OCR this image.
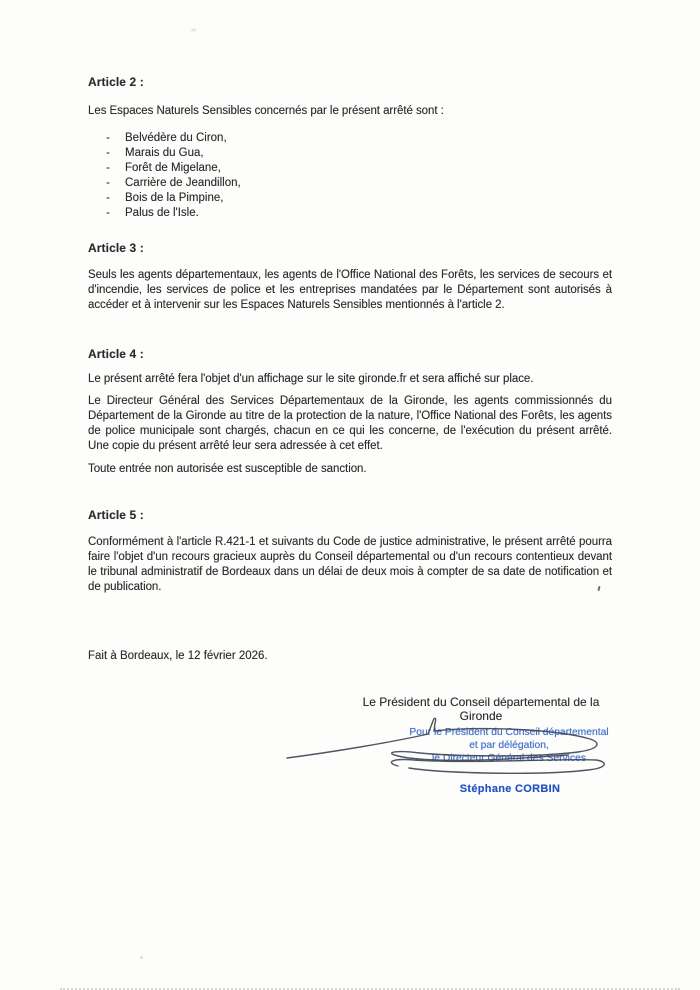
Article 2 :

Les Espaces Naturels Sensibles concernés par le présent arrêté sont :

- Belvédère du Ciron,
- Marais du Gua,
- Forêt de Migelane,
- Carrière de Jeandillon,
- Bois de la Pimpine,
- Palus de l'Isle.
Article 3 :

Seuls les agents départementaux, les agents de l'Office National des Forêts, les services de secours et d'incendie, les services de police et les entreprises mandatées par le Département sont autorisés à accéder et à intervenir sur les Espaces Naturels Sensibles mentionnés à l'article 2.

Article 4 :

Le présent arrêté fera l'objet d'un affichage sur le site gironde.fr et sera affiché sur place.

Le Directeur Général des Services Départementaux de la Gironde, les agents commissionnés du Département de la Gironde au titre de la protection de la nature, l'Office National des Forêts, les agents de police municipale sont chargés, chacun en ce qui les concerne, de l'exécution du présent arrêté. Une copie du présent arrêté leur sera adressée à cet effet.

Toute entrée non autorisée est susceptible de sanction.

Article 5 :

Conformément à l'article R.421-1 et suivants du Code de justice administrative, le présent arrêté pourra faire l'objet d'un recours gracieux auprès du Conseil départemental ou d'un recours contentieux devant le tribunal administratif de Bordeaux dans un délai de deux mois à compter de sa date de notification et de publication.

Fait à Bordeaux, le 12 février 2026.
Le Président du Conseil départemental de la
Gironde
Pour le Président du Conseil départemental
et par délégation,
le Directeur Général des Services
Stéphane CORBIN
